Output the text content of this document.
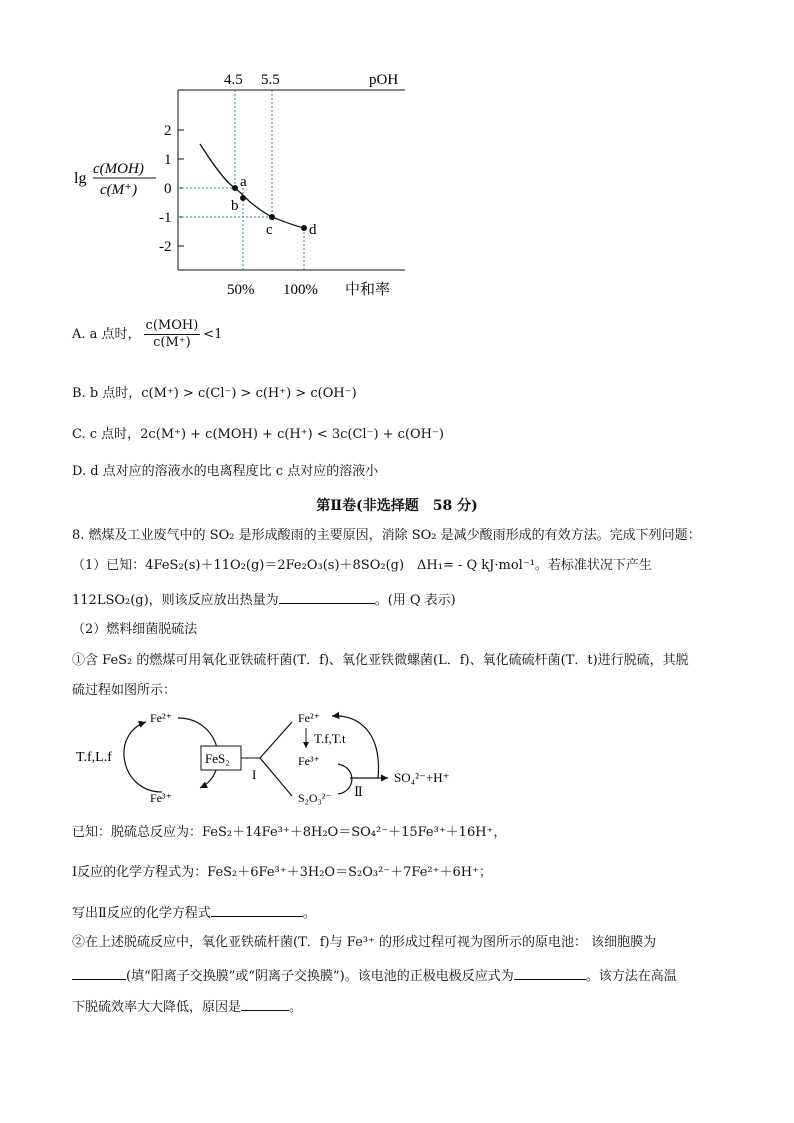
a
b
c d
4.5 5.5	pOH
2
1
0
-1
-2
50% 100% 中和率
lg
c(MOH)
c(M⁺)
A. a 点时， $\frac{\text{c(MOH)}}{c(M^+)} <1$
B. b 点时，c(M⁺) > c(Cl⁻) > c(H⁺) > c(OH⁻)
C. c 点时，2c(M⁺) + c(MOH) + c(H⁺) < 3c(Cl⁻) + c(OH⁻)
D. d 点对应的溶液水的电离程度比 c 点对应的溶液小
第Ⅱ卷(非选择题　58 分)
8. 燃煤及工业废气中的 SO₂ 是形成酸雨的主要原因，消除 SO₂ 是减少酸雨形成的有效方法。完成下列问题：
（1）已知：4FeS₂(s)＋11O₂(g)＝2Fe₂O₃(s)＋8SO₂(g)　ΔH₁= - Q kJ·mol⁻¹。若标准状况下产生
112LSO₂(g)，则该反应放出热量为	。(用 Q 表示)
（2）燃料细菌脱硫法
①含 FeS₂ 的燃煤可用氧化亚铁硫杆菌(T．f)、氧化亚铁微螺菌(L．f)、氧化硫硫杆菌(T．t)进行脱硫，其脱
硫过程如图所示：
T.f,L.f
Fe²⁺
Fe³⁺
FeS₂
I
Fe²⁺
T.f,T.t
Fe³⁺
S₂O₃²⁻ Ⅱ
SO₄²⁻+H⁺
已知：脱硫总反应为：FeS₂＋14Fe³⁺＋8H₂O＝SO₄²⁻＋15Fe³⁺＋16H⁺，
Ⅰ反应的化学方程式为：FeS₂＋6Fe³⁺＋3H₂O＝S₂O₃²⁻＋7Fe²⁺＋6H⁺；
写出Ⅱ反应的化学方程式	。
②在上述脱硫反应中，氧化亚铁硫杆菌(T．f)与 Fe³⁺ 的形成过程可视为图所示的原电池： 该细胞膜为
(填“阳离子交换膜”或“阴离子交换膜”)。该电池的正极电极反应式为	。该方法在高温
下脱硫效率大大降低，原因是	。
